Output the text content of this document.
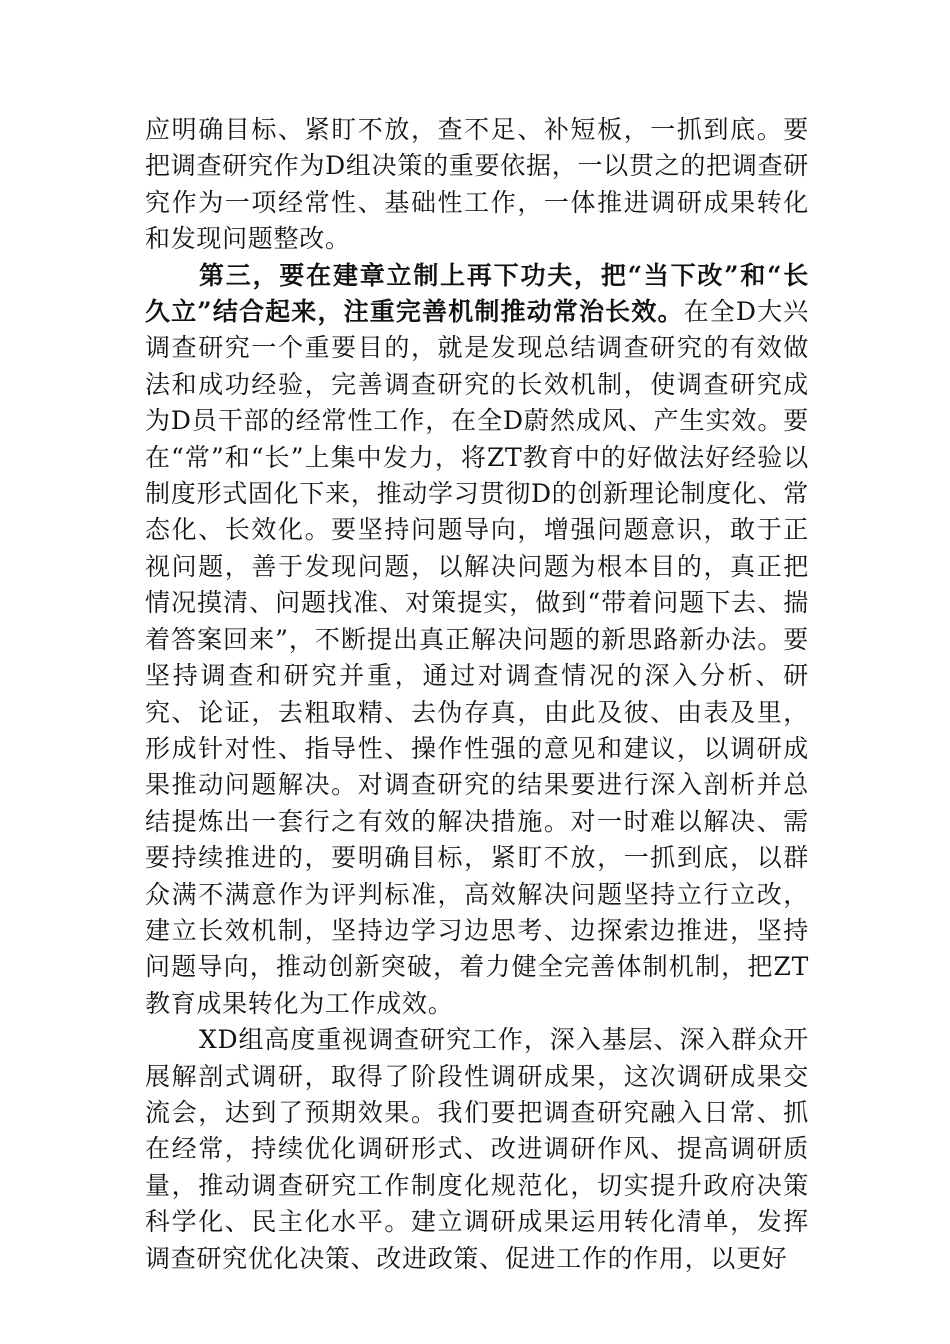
应明确目标、紧盯不放，查不足、补短板，一抓到底。要把调查研究作为D组决策的重要依据，一以贯之的把调查研究作为一项经常性、基础性工作，一体推进调研成果转化和发现问题整改。

第三，要在建章立制上再下功夫，把“当下改”和“长久立”结合起来，注重完善机制推动常治长效。在全D大兴调查研究一个重要目的，就是发现总结调查研究的有效做法和成功经验，完善调查研究的长效机制，使调查研究成为D员干部的经常性工作，在全D蔚然成风、产生实效。要在“常”和“长”上集中发力，将ZT教育中的好做法好经验以制度形式固化下来，推动学习贯彻D的创新理论制度化、常态化、长效化。要坚持问题导向，增强问题意识，敢于正视问题，善于发现问题，以解决问题为根本目的，真正把情况摸清、问题找准、对策提实，做到“带着问题下去、揣着答案回来”，不断提出真正解决问题的新思路新办法。要坚持调查和研究并重，通过对调查情况的深入分析、研究、论证，去粗取精、去伪存真，由此及彼、由表及里，形成针对性、指导性、操作性强的意见和建议，以调研成果推动问题解决。对调查研究的结果要进行深入剖析并总结提炼出一套行之有效的解决措施。对一时难以解决、需要持续推进的，要明确目标，紧盯不放，一抓到底，以群众满不满意作为评判标准，高效解决问题坚持立行立改，建立长效机制，坚持边学习边思考、边探索边推进，坚持问题导向，推动创新突破，着力健全完善体制机制，把ZT教育成果转化为工作成效。

XD组高度重视调查研究工作，深入基层、深入群众开展解剖式调研，取得了阶段性调研成果，这次调研成果交流会，达到了预期效果。我们要把调查研究融入日常、抓在经常，持续优化调研形式、改进调研作风、提高调研质量，推动调查研究工作制度化规范化，切实提升政府决策科学化、民主化水平。建立调研成果运用转化清单，发挥调查研究优化决策、改进政策、促进工作的作用，以更好
